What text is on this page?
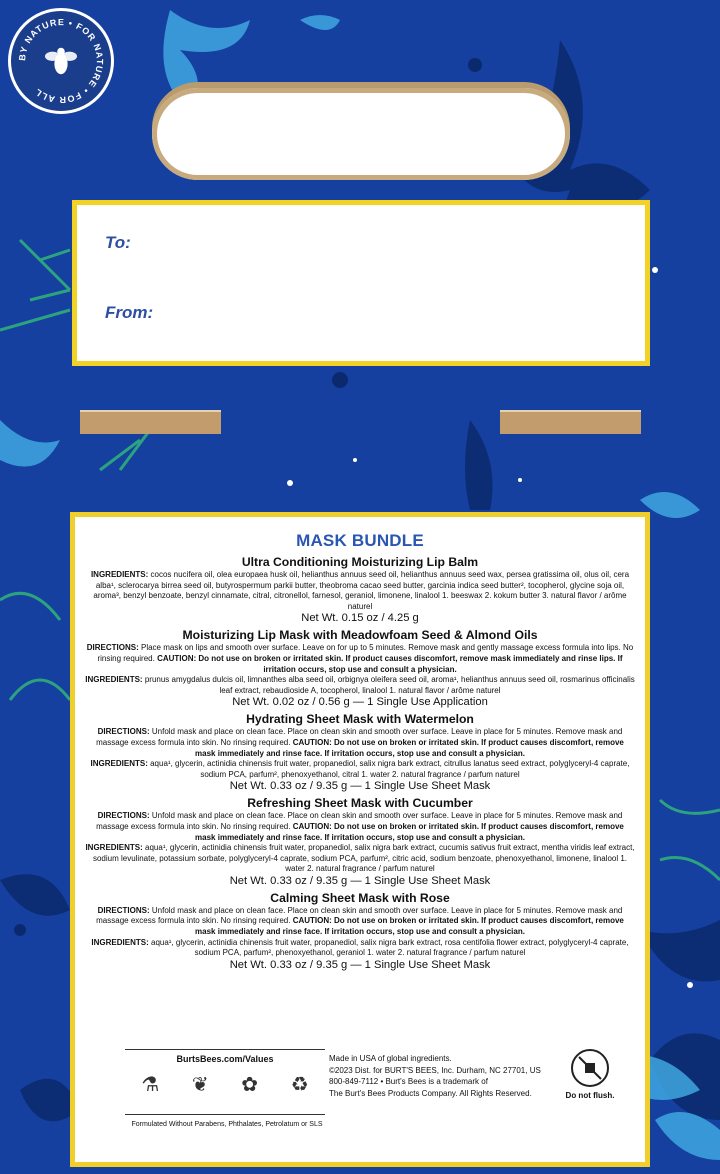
BY NATURE • FOR NATURE • FOR ALL
To:
From:

MASK BUNDLE

Ultra Conditioning Moisturizing Lip Balm

INGREDIENTS: cocos nucifera oil, olea europaea husk oil, helianthus annuus seed oil, helianthus annuus seed wax, persea gratissima oil, olus oil, cera alba¹, sclerocarya birrea seed oil, butyrospermum parkii butter, theobroma cacao seed butter, garcinia indica seed butter², tocopherol, glycine soja oil, aroma³, benzyl benzoate, benzyl cinnamate, citral, citronellol, farnesol, geraniol, limonene, linalool 1. beeswax 2. kokum butter 3. natural flavor / arôme naturel

Net Wt. 0.15 oz / 4.25 g

Moisturizing Lip Mask with Meadowfoam Seed & Almond Oils

DIRECTIONS: Place mask on lips and smooth over surface. Leave on for up to 5 minutes. Remove mask and gently massage excess formula into lips. No rinsing required. CAUTION: Do not use on broken or irritated skin. If product causes discomfort, remove mask immediately and rinse lips. If irritation occurs, stop use and consult a physician.

INGREDIENTS: prunus amygdalus dulcis oil, limnanthes alba seed oil, orbignya oleifera seed oil, aroma¹, helianthus annuus seed oil, rosmarinus officinalis leaf extract, rebaudioside A, tocopherol, linalool 1. natural flavor / arôme naturel

Net Wt. 0.02 oz / 0.56 g — 1 Single Use Application

Hydrating Sheet Mask with Watermelon

DIRECTIONS: Unfold mask and place on clean face. Place on clean skin and smooth over surface. Leave in place for 5 minutes. Remove mask and massage excess formula into skin. No rinsing required. CAUTION: Do not use on broken or irritated skin. If product causes discomfort, remove mask immediately and rinse face. If irritation occurs, stop use and consult a physician.

INGREDIENTS: aqua¹, glycerin, actinidia chinensis fruit water, propanediol, salix nigra bark extract, citrullus lanatus seed extract, polyglyceryl-4 caprate, sodium PCA, parfum², phenoxyethanol, citral 1. water 2. natural fragrance / parfum naturel

Net Wt. 0.33 oz / 9.35 g — 1 Single Use Sheet Mask

Refreshing Sheet Mask with Cucumber

DIRECTIONS: Unfold mask and place on clean face. Place on clean skin and smooth over surface. Leave in place for 5 minutes. Remove mask and massage excess formula into skin. No rinsing required. CAUTION: Do not use on broken or irritated skin. If product causes discomfort, remove mask immediately and rinse face. If irritation occurs, stop use and consult a physician.

INGREDIENTS: aqua¹, glycerin, actinidia chinensis fruit water, propanediol, salix nigra bark extract, cucumis sativus fruit extract, mentha viridis leaf extract, sodium levulinate, potassium sorbate, polyglyceryl-4 caprate, sodium PCA, parfum², citric acid, sodium benzoate, phenoxyethanol, limonene, linalool 1. water 2. natural fragrance / parfum naturel

Net Wt. 0.33 oz / 9.35 g — 1 Single Use Sheet Mask

Calming Sheet Mask with Rose

DIRECTIONS: Unfold mask and place on clean face. Place on clean skin and smooth over surface. Leave in place for 5 minutes. Remove mask and massage excess formula into skin. No rinsing required. CAUTION: Do not use on broken or irritated skin. If product causes discomfort, remove mask immediately and rinse face. If irritation occurs, stop use and consult a physician.

INGREDIENTS: aqua¹, glycerin, actinidia chinensis fruit water, propanediol, salix nigra bark extract, rosa centifolia flower extract, polyglyceryl-4 caprate, sodium PCA, parfum², phenoxyethanol, geraniol 1. water 2. natural fragrance / parfum naturel

Net Wt. 0.33 oz / 9.35 g — 1 Single Use Sheet Mask

BurtsBees.com/Values
⚗ ❦ ✿ ♻
Formulated Without Parabens, Phthalates, Petrolatum or SLS
Made in USA of global ingredients.
©2023 Dist. for BURT'S BEES, Inc. Durham, NC 27701, US
800-849-7112 • Burt's Bees is a trademark of
The Burt's Bees Products Company. All Rights Reserved.	Do not flush.
